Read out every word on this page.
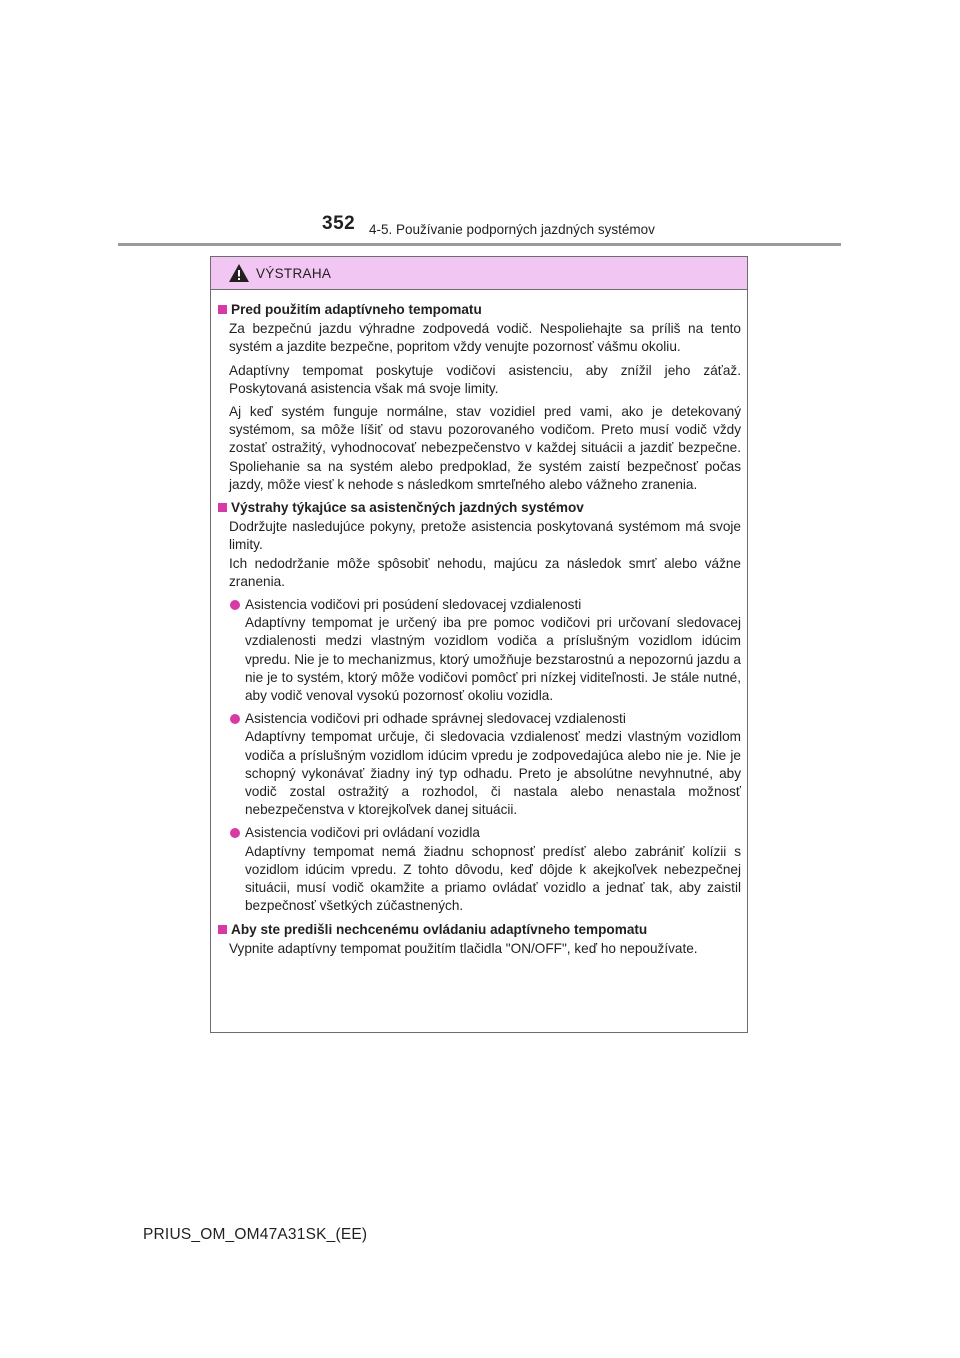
352 4-5. Používanie podporných jazdných systémov
VÝSTRAHA
Pred použitím adaptívneho tempomatu

Za bezpečnú jazdu výhradne zodpovedá vodič. Nespoliehajte sa príliš na tento systém a jazdite bezpečne, popritom vždy venujte pozornosť vášmu okoliu.

Adaptívny tempomat poskytuje vodičovi asistenciu, aby znížil jeho záťaž. Poskytovaná asistencia však má svoje limity.

Aj keď systém funguje normálne, stav vozidiel pred vami, ako je detekovaný systémom, sa môže líšiť od stavu pozorovaného vodičom. Preto musí vodič vždy zostať ostražitý, vyhodnocovať nebezpečenstvo v každej situácii a jazdiť bezpečne. Spoliehanie sa na systém alebo predpoklad, že systém zaistí bezpečnosť počas jazdy, môže viesť k nehode s následkom smrteľného alebo vážneho zranenia.

Výstrahy týkajúce sa asistenčných jazdných systémov

Dodržujte nasledujúce pokyny, pretože asistencia poskytovaná systémom má svoje limity.

Ich nedodržanie môže spôsobiť nehodu, majúcu za následok smrť alebo vážne zranenia.

Asistencia vodičovi pri posúdení sledovacej vzdialenosti
Adaptívny tempomat je určený iba pre pomoc vodičovi pri určovaní sledovacej vzdialenosti medzi vlastným vozidlom vodiča a príslušným vozidlom idúcim vpredu. Nie je to mechanizmus, ktorý umožňuje bezstarostnú a nepozornú jazdu a nie je to systém, ktorý môže vodičovi pomôcť pri nízkej viditeľnosti. Je stále nutné, aby vodič venoval vysokú pozornosť okoliu vozidla.
Asistencia vodičovi pri odhade správnej sledovacej vzdialenosti
Adaptívny tempomat určuje, či sledovacia vzdialenosť medzi vlastným vozidlom vodiča a príslušným vozidlom idúcim vpredu je zodpovedajúca alebo nie je. Nie je schopný vykonávať žiadny iný typ odhadu. Preto je absolútne nevyhnutné, aby vodič zostal ostražitý a rozhodol, či nastala alebo nenastala možnosť nebezpečenstva v ktorejkoľvek danej situácii.
Asistencia vodičovi pri ovládaní vozidla
Adaptívny tempomat nemá žiadnu schopnosť predísť alebo zabrániť kolízii s vozidlom idúcim vpredu. Z tohto dôvodu, keď dôjde k akejkoľvek nebezpečnej situácii, musí vodič okamžite a priamo ovládať vozidlo a jednať tak, aby zaistil bezpečnosť všetkých zúčastnených.
Aby ste predišli nechcenému ovládaniu adaptívneho tempomatu

Vypnite adaptívny tempomat použitím tlačidla "ON/OFF", keď ho nepoužívate.

PRIUS_OM_OM47A31SK_(EE)
